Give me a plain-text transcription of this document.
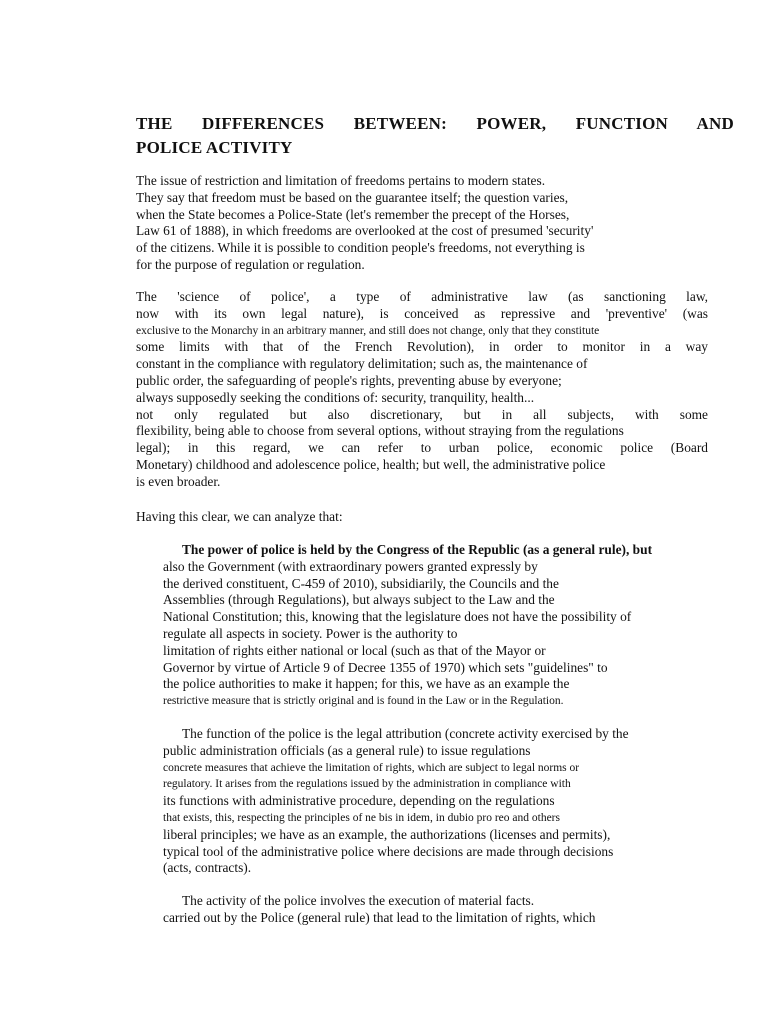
THE DIFFERENCES BETWEEN: POWER, FUNCTION AND
POLICE ACTIVITY
The issue of restriction and limitation of freedoms pertains to modern states.
They say that freedom must be based on the guarantee itself; the question varies,
when the State becomes a Police-State (let's remember the precept of the Horses,
Law 61 of 1888), in which freedoms are overlooked at the cost of presumed 'security'
of the citizens. While it is possible to condition people's freedoms, not everything is
for the purpose of regulation or regulation.
The 'science of police', a type of administrative law (as sanctioning law,
now with its own legal nature), is conceived as repressive and 'preventive' (was
exclusive to the Monarchy in an arbitrary manner, and still does not change, only that they constitute
some limits with that of the French Revolution), in order to monitor in a way
constant in the compliance with regulatory delimitation; such as, the maintenance of
public order, the safeguarding of people's rights, preventing abuse by everyone;
always supposedly seeking the conditions of: security, tranquility, health...
not only regulated but also discretionary, but in all subjects, with some
flexibility, being able to choose from several options, without straying from the regulations
legal); in this regard, we can refer to urban police, economic police (Board
Monetary) childhood and adolescence police, health; but well, the administrative police
is even broader.
Having this clear, we can analyze that:
The power of police is held by the Congress of the Republic (as a general rule), but
also the Government (with extraordinary powers granted expressly by
the derived constituent, C-459 of 2010), subsidiarily, the Councils and the
Assemblies (through Regulations), but always subject to the Law and the
National Constitution; this, knowing that the legislature does not have the possibility of
regulate all aspects in society. Power is the authority to
limitation of rights either national or local (such as that of the Mayor or
Governor by virtue of Article 9 of Decree 1355 of 1970) which sets "guidelines" to
the police authorities to make it happen; for this, we have as an example the
restrictive measure that is strictly original and is found in the Law or in the Regulation.
The function of the police is the legal attribution (concrete activity exercised by the
public administration officials (as a general rule) to issue regulations
concrete measures that achieve the limitation of rights, which are subject to legal norms or
regulatory. It arises from the regulations issued by the administration in compliance with
its functions with administrative procedure, depending on the regulations
that exists, this, respecting the principles of ne bis in idem, in dubio pro reo and others
liberal principles; we have as an example, the authorizations (licenses and permits),
typical tool of the administrative police where decisions are made through decisions
(acts, contracts).
The activity of the police involves the execution of material facts.
carried out by the Police (general rule) that lead to the limitation of rights, which
